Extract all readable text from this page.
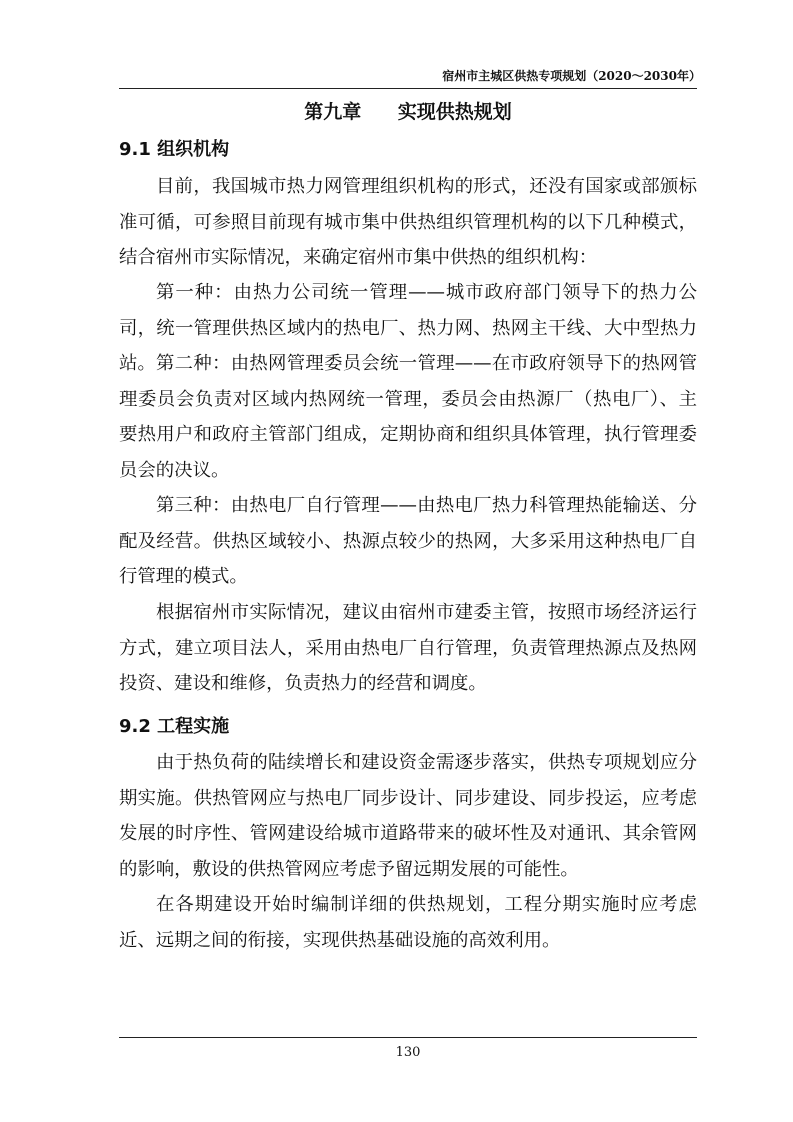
宿州市主城区供热专项规划（2020～2030年）
第九章 实现供热规划
9.1 组织机构

目前，我国城市热力网管理组织机构的形式，还没有国家或部颁标准可循，可参照目前现有城市集中供热组织管理机构的以下几种模式，结合宿州市实际情况，来确定宿州市集中供热的组织机构：

第一种：由热力公司统一管理——城市政府部门领导下的热力公司，统一管理供热区域内的热电厂、热力网、热网主干线、大中型热力站。 第二种：由热网管理委员会统一管理——在市政府领导下的热网管理委员会负责对区域内热网统一管理，委员会由热源厂（热电厂）、主要热用户和政府主管部门组成，定期协商和组织具体管理，执行管理委员会的决议。

第三种：由热电厂自行管理——由热电厂热力科管理热能输送、分配及经营。供热区域较小、热源点较少的热网，大多采用这种热电厂自行管理的模式。

根据宿州市实际情况，建议由宿州市建委主管，按照市场经济运行方式，建立项目法人，采用由热电厂自行管理，负责管理热源点及热网投资、建设和维修，负责热力的经营和调度。

9.2 工程实施

由于热负荷的陆续增长和建设资金需逐步落实，供热专项规划应分期实施。供热管网应与热电厂同步设计、同步建设、同步投运，应考虑发展的时序性、管网建设给城市道路带来的破坏性及对通讯、其余管网的影响，敷设的供热管网应考虑予留远期发展的可能性。

在各期建设开始时编制详细的供热规划，工程分期实施时应考虑近、远期之间的衔接，实现供热基础设施的高效利用。

130
